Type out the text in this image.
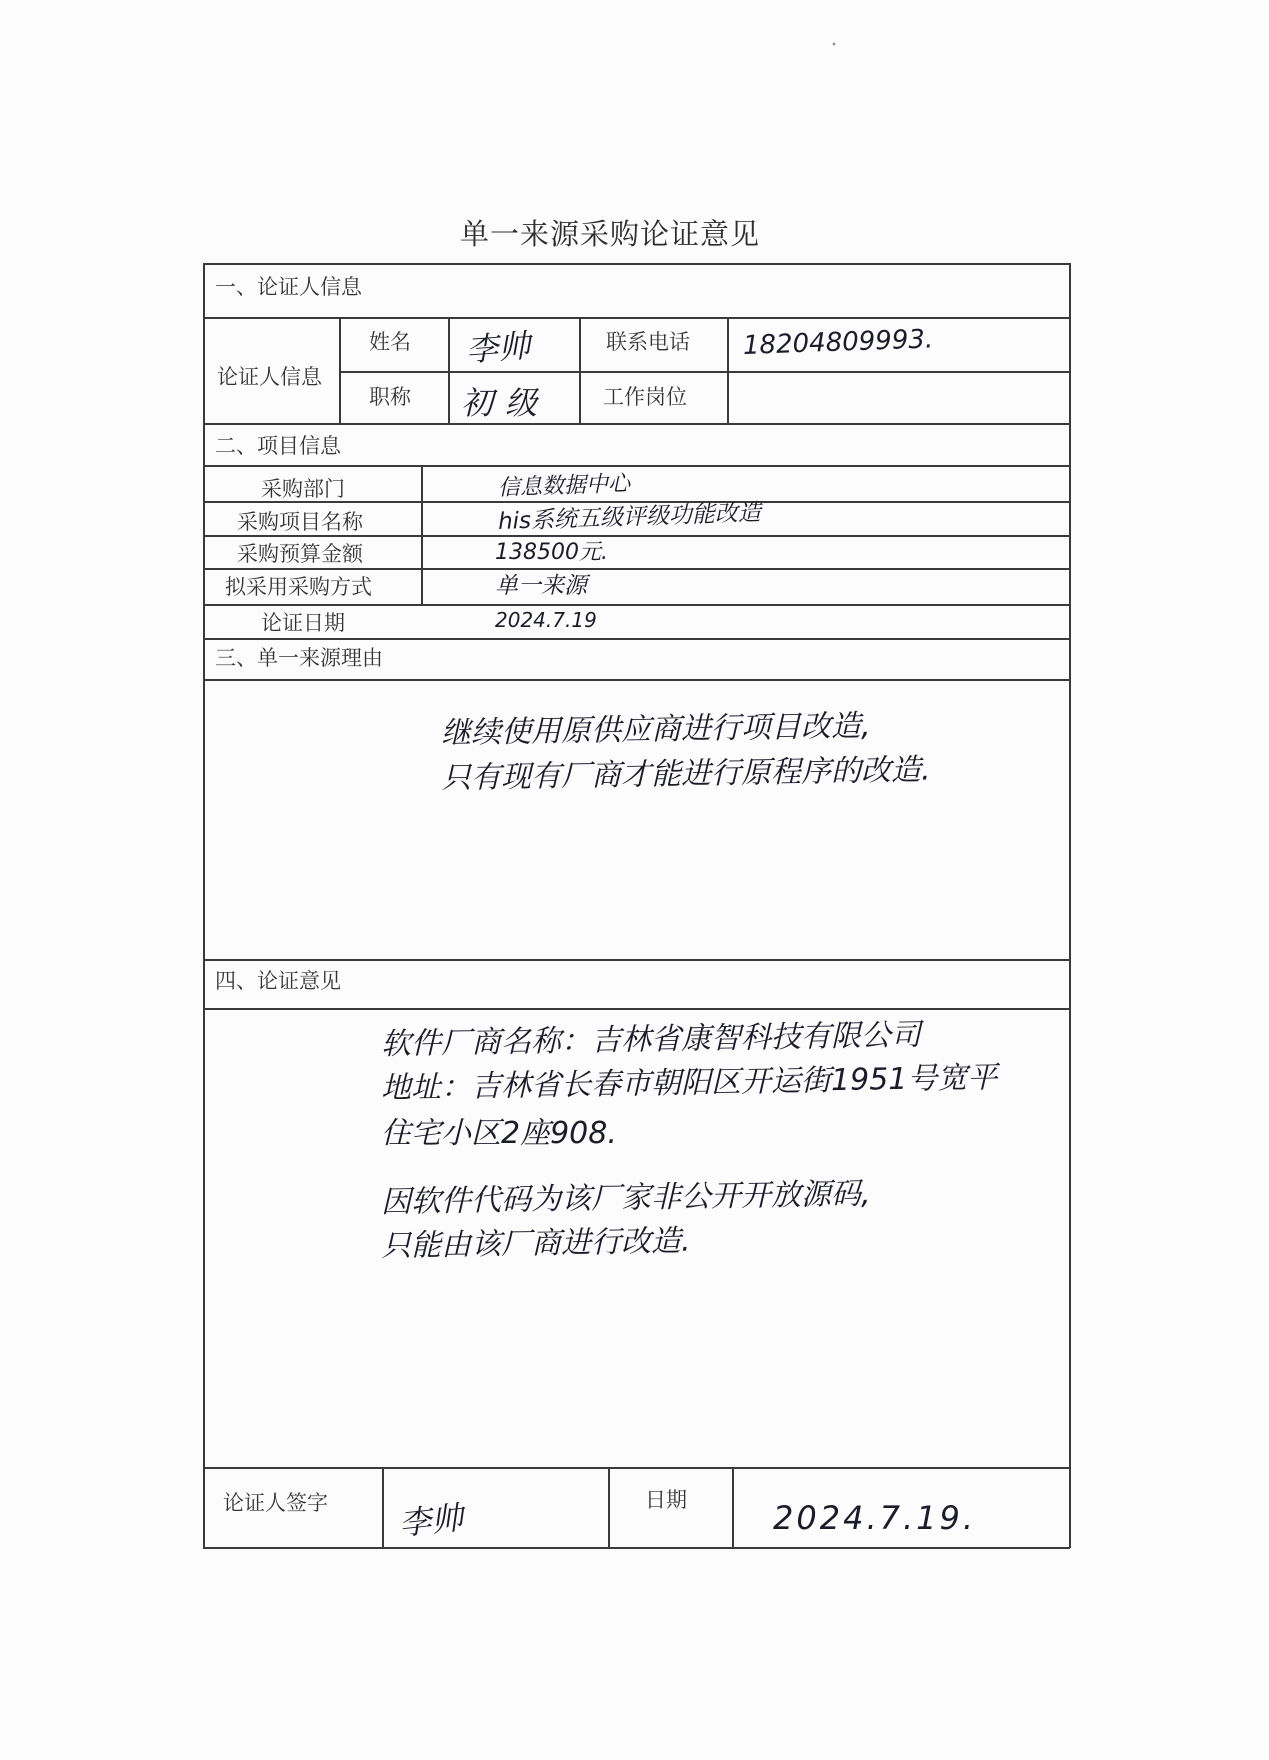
单一来源采购论证意见
一、论证人信息
论证人信息
姓名 李帅	联系电话 18204809993.
职称 初级	工作岗位
二、项目信息
采购部门	信息数据中心
采购项目名称	his系统五级评级功能改造
采购预算金额	138500元.
拟采用采购方式	单一来源
论证日期	2024.7.19
三、单一来源理由
继续使用原供应商进行项目改造,
只有现有厂商才能进行原程序的改造.
四、论证意见
软件厂商名称：吉林省康智科技有限公司
地址：吉林省长春市朝阳区开运街1951号宽平
住宅小区2座908.
因软件代码为该厂家非公开开放源码,
只能由该厂商进行改造.
论证人签字 李帅	日期	2024.7.19.
